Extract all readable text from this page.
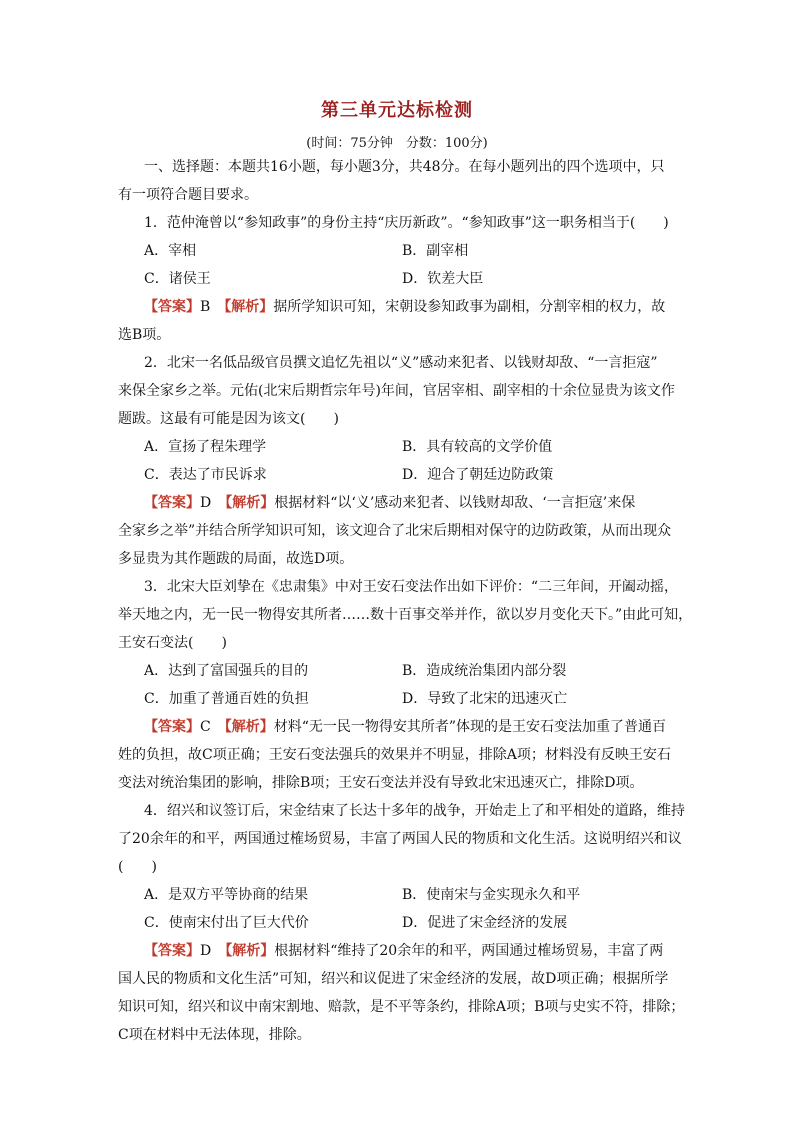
第三单元达标检测
(时间：75分钟　分数：100分)
一、选择题：本题共16小题，每小题3分，共48分。在每小题列出的四个选项中，只
有一项符合题目要求。
1．范仲淹曾以“参知政事”的身份主持“庆历新政”。“参知政事”这一职务相当于(　　)
A．宰相	B．副宰相
C．诸侯王	D．钦差大臣
【答案】B　 【解析】据所学知识可知，宋朝设参知政事为副相，分割宰相的权力，故
选B项。
2．北宋一名低品级官员撰文追忆先祖以“义”感动来犯者、以钱财却敌、“一言拒寇”
来保全家乡之举。元佑(北宋后期哲宗年号)年间，官居宰相、副宰相的十余位显贵为该文作
题跋。这最有可能是因为该文(　　)
A．宣扬了程朱理学	B．具有较高的文学价值
C．表达了市民诉求	D．迎合了朝廷边防政策
【答案】D　 【解析】根据材料“以‘义’感动来犯者、以钱财却敌、‘一言拒寇’来保
全家乡之举”并结合所学知识可知，该文迎合了北宋后期相对保守的边防政策，从而出现众
多显贵为其作题跋的局面，故选D项。
3．北宋大臣刘挚在《忠肃集》中对王安石变法作出如下评价：“二三年间，开阖动摇，
举天地之内，无一民一物得安其所者……数十百事交举并作，欲以岁月变化天下。”由此可知，
王安石变法(　　)
A．达到了富国强兵的目的	B．造成统治集团内部分裂
C．加重了普通百姓的负担	D．导致了北宋的迅速灭亡
【答案】C　 【解析】材料“无一民一物得安其所者”体现的是王安石变法加重了普通百
姓的负担，故C项正确；王安石变法强兵的效果并不明显，排除A项；材料没有反映王安石
变法对统治集团的影响，排除B项；王安石变法并没有导致北宋迅速灭亡，排除D项。
4．绍兴和议签订后，宋金结束了长达十多年的战争，开始走上了和平相处的道路，维持
了20余年的和平，两国通过榷场贸易，丰富了两国人民的物质和文化生活。这说明绍兴和议
(　　)
A．是双方平等协商的结果	B．使南宋与金实现永久和平
C．使南宋付出了巨大代价	D．促进了宋金经济的发展
【答案】D　 【解析】根据材料“维持了20余年的和平，两国通过榷场贸易，丰富了两
国人民的物质和文化生活”可知，绍兴和议促进了宋金经济的发展，故D项正确；根据所学
知识可知，绍兴和议中南宋割地、赔款，是不平等条约，排除A项；B项与史实不符，排除；
C项在材料中无法体现，排除。
